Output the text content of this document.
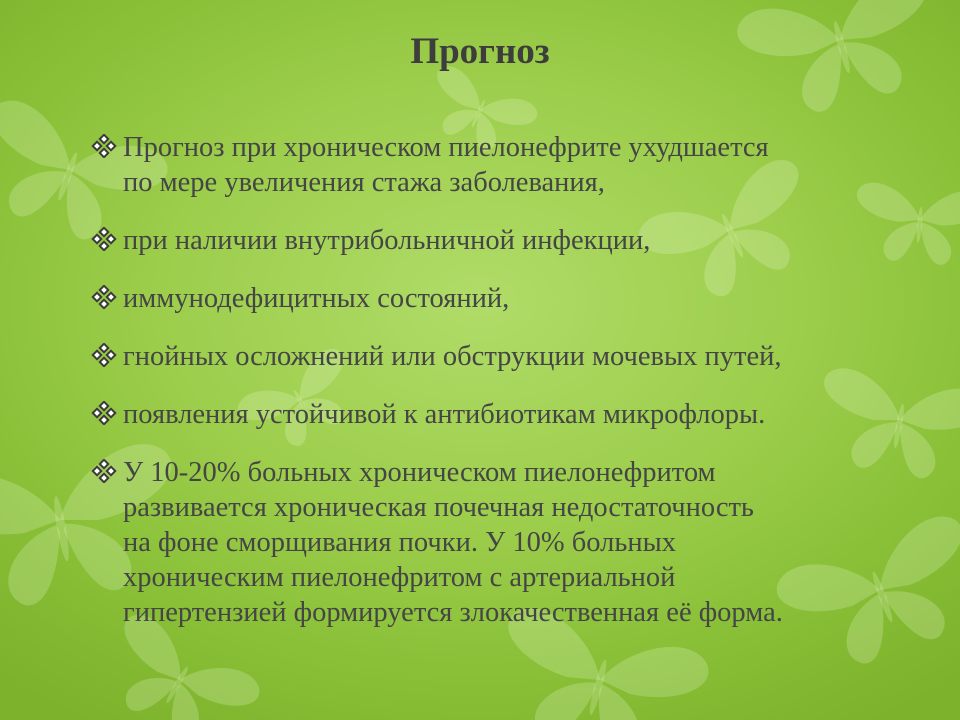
Прогноз
Прогноз при хроническом пиелонефрите ухудшается
по мере увеличения стажа заболевания,
при наличии внутрибольничной инфекции,
иммунодефицитных состояний,
гнойных осложнений или обструкции мочевых путей,
появления устойчивой к антибиотикам микрофлоры.
У 10-20% больных хроническом пиелонефритом
развивается хроническая почечная недостаточность
на фоне сморщивания почки. У 10% больных
хроническим пиелонефритом с артериальной
гипертензией формируется злокачественная её форма.
